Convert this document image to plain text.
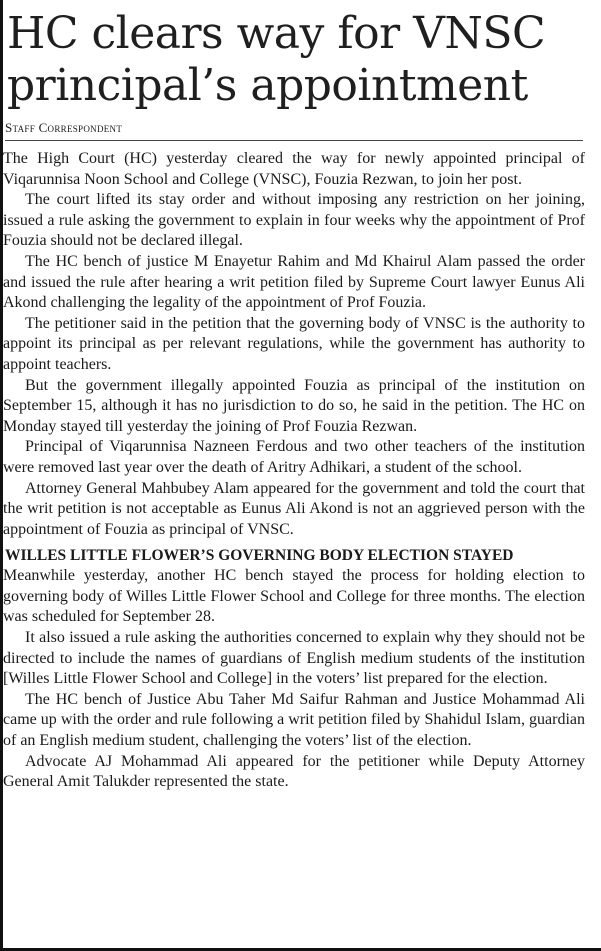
HC clears way for VNSC principal’s appointment
Staff Correspondent

The High Court (HC) yesterday cleared the way for newly appointed principal of Viqarunnisa Noon School and College (VNSC), Fouzia Rezwan, to join her post.

The court lifted its stay order and without imposing any restriction on her joining, issued a rule asking the government to explain in four weeks why the appointment of Prof Fouzia should not be declared illegal.

The HC bench of justice M Enayetur Rahim and Md Khairul Alam passed the order and issued the rule after hearing a writ petition filed by Supreme Court lawyer Eunus Ali Akond challenging the legality of the appointment of Prof Fouzia.

The petitioner said in the petition that the governing body of VNSC is the authority to appoint its principal as per relevant regulations, while the government has authority to appoint teachers.

But the government illegally appointed Fouzia as principal of the institution on September 15, although it has no jurisdiction to do so, he said in the petition. The HC on Monday stayed till yesterday the joining of Prof Fouzia Rezwan.

Principal of Viqarunnisa Nazneen Ferdous and two other teachers of the institution were removed last year over the death of Aritry Adhikari, a student of the school.

Attorney General Mahbubey Alam appeared for the government and told the court that the writ petition is not acceptable as Eunus Ali Akond is not an aggrieved person with the appointment of Fouzia as principal of VNSC.

WILLES LITTLE FLOWER’S GOVERNING BODY ELECTION STAYED

Meanwhile yesterday, another HC bench stayed the process for holding election to governing body of Willes Little Flower School and College for three months. The election was scheduled for September 28.

It also issued a rule asking the authorities concerned to explain why they should not be directed to include the names of guardians of English medium students of the institution [Willes Little Flower School and College] in the voters’ list prepared for the election.

The HC bench of Justice Abu Taher Md Saifur Rahman and Justice Mohammad Ali came up with the order and rule following a writ petition filed by Shahidul Islam, guardian of an English medium student, challenging the voters’ list of the election.

Advocate AJ Mohammad Ali appeared for the petitioner while Deputy Attorney General Amit Talukder represented the state.
